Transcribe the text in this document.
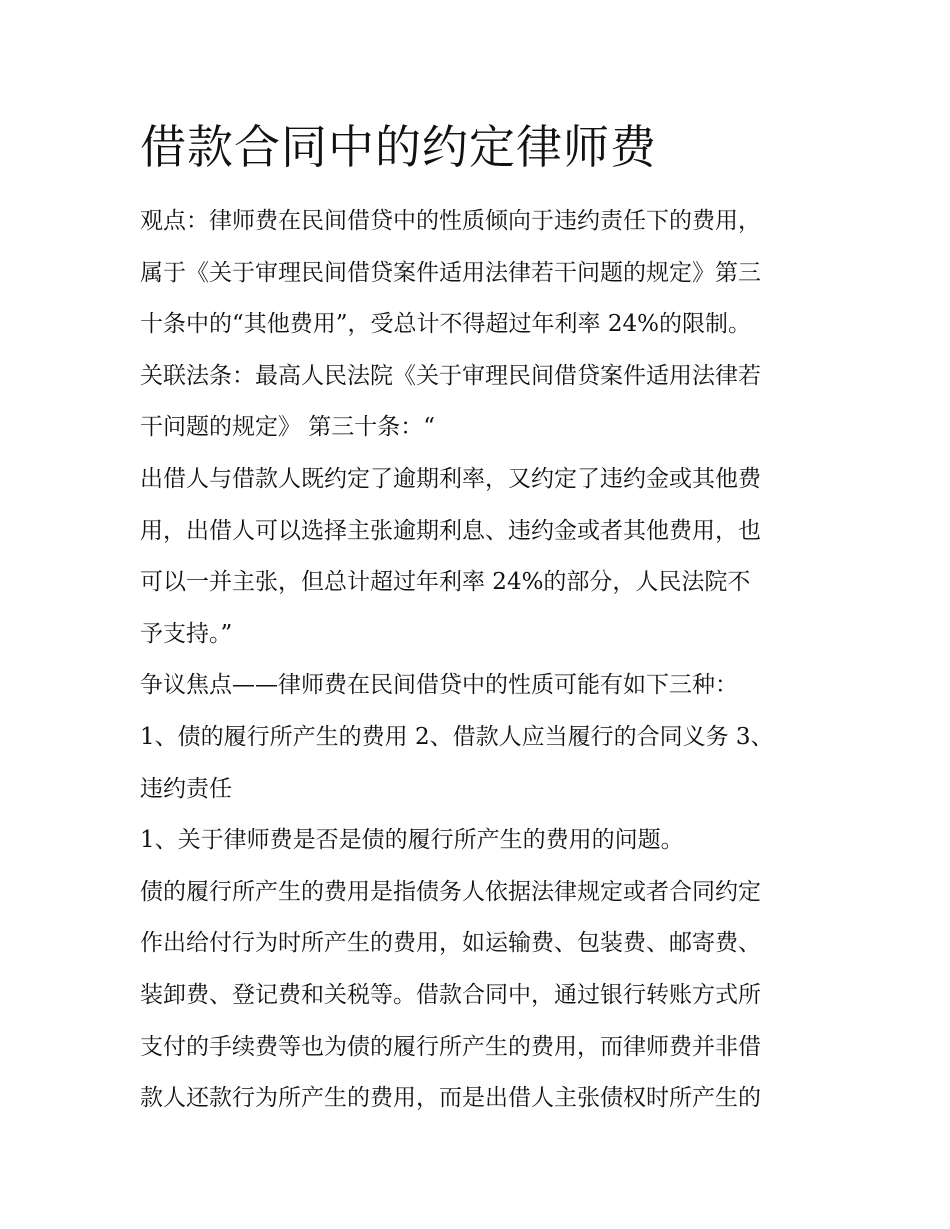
借款合同中的约定律师费

观点：律师费在民间借贷中的性质倾向于违约责任下的费用，

属于《关于审理民间借贷案件适用法律若干问题的规定》第三

十条中的“其他费用”，受总计不得超过年利率 24%的限制。

关联法条：最高人民法院《关于审理民间借贷案件适用法律若

干问题的规定》 第三十条：“

出借人与借款人既约定了逾期利率，又约定了违约金或其他费

用，出借人可以选择主张逾期利息、违约金或者其他费用，也

可以一并主张，但总计超过年利率 24%的部分，人民法院不

予支持。”

争议焦点——律师费在民间借贷中的性质可能有如下三种：

1、债的履行所产生的费用 2、借款人应当履行的合同义务 3、

违约责任

1、关于律师费是否是债的履行所产生的费用的问题。

债的履行所产生的费用是指债务人依据法律规定或者合同约定

作出给付行为时所产生的费用，如运输费、包装费、邮寄费、

装卸费、登记费和关税等。借款合同中，通过银行转账方式所

支付的手续费等也为债的履行所产生的费用，而律师费并非借

款人还款行为所产生的费用，而是出借人主张债权时所产生的
